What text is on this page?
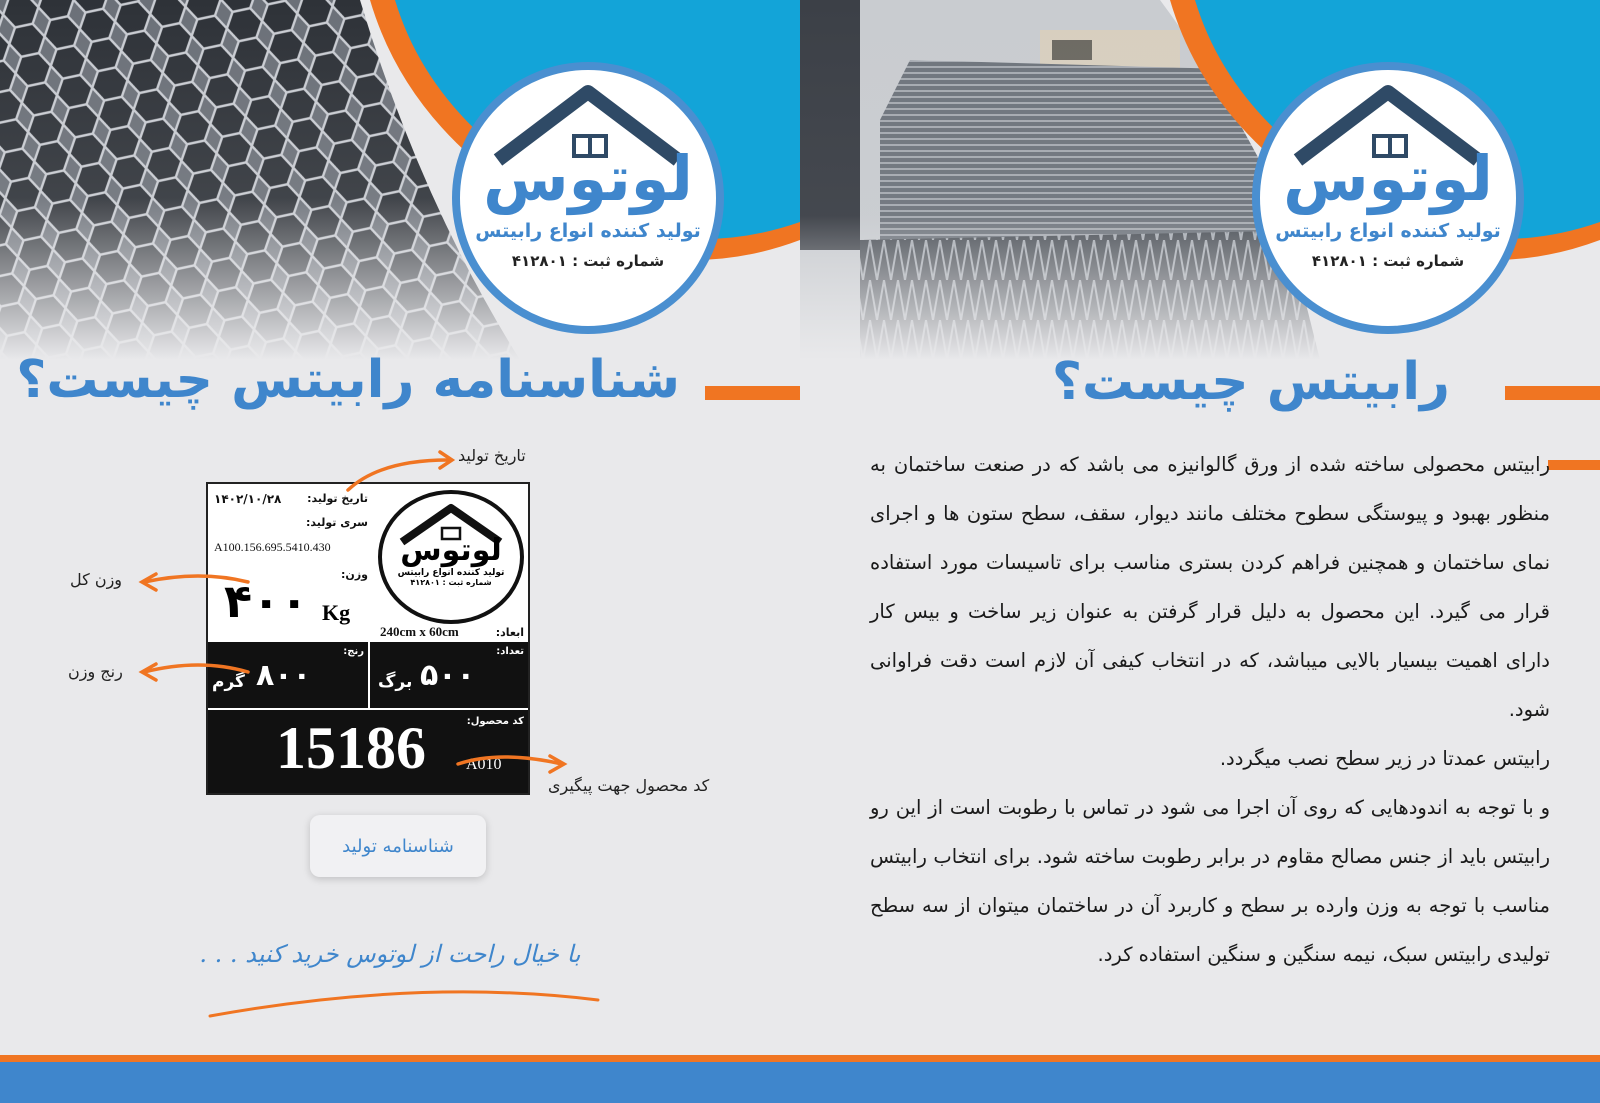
لوتوس
تولید کننده انواع رابیتس
شماره ثبت : ۴۱۲۸۰۱
شناسنامه رابیتس چیست؟
تاریخ تولید:
۱۴۰۲/۱۰/۲۸
سری تولید:
156.695.5410.430.A100
وزن:
۴۰۰ Kg
لوتوس
تولید کننده انواع رابیتس
شماره ثبت : ۴۱۲۸۰۱
ابعاد:
240cm x 60cm
رنج:
۸۰۰
گرم
تعداد:
۵۰۰
برگ
کد محصول:
15186	A010
تاریخ تولید
وزن کل
رنج وزن
کد محصول جهت پیگیری
شناسنامه تولید
با خیال راحت از لوتوس خرید کنید . . .
لوتوس
تولید کننده انواع رابیتس
شماره ثبت : ۴۱۲۸۰۱
رابیتس چیست؟

رابیتس محصولی ساخته شده از ورق گالوانیزه می باشد که در صنعت ساختمان به منظور بهبود و پیوستگی سطوح مختلف مانند دیوار، سقف، سطح ستون ها و اجرای نمای ساختمان و همچنین فراهم کردن بستری مناسب برای تاسیسات مورد استفاده قرار می گیرد. این محصول به دلیل قرار گرفتن به عنوان زیر ساخت و بیس کار دارای اهمیت بیسیار بالایی میباشد، که در انتخاب کیفی آن لازم است دقت فراوانی شود.

رابیتس عمدتا در زیر سطح نصب میگردد.

و با توجه به اندودهایی که روی آن اجرا می شود در تماس با رطوبت است از این رو رابیتس باید از جنس مصالح مقاوم در برابر رطوبت ساخته شود. برای انتخاب رابیتس مناسب با توجه به وزن وارده بر سطح و کاربرد آن در ساختمان میتوان از سه سطح تولیدی رابیتس سبک، نیمه سنگین و سنگین استفاده کرد.
